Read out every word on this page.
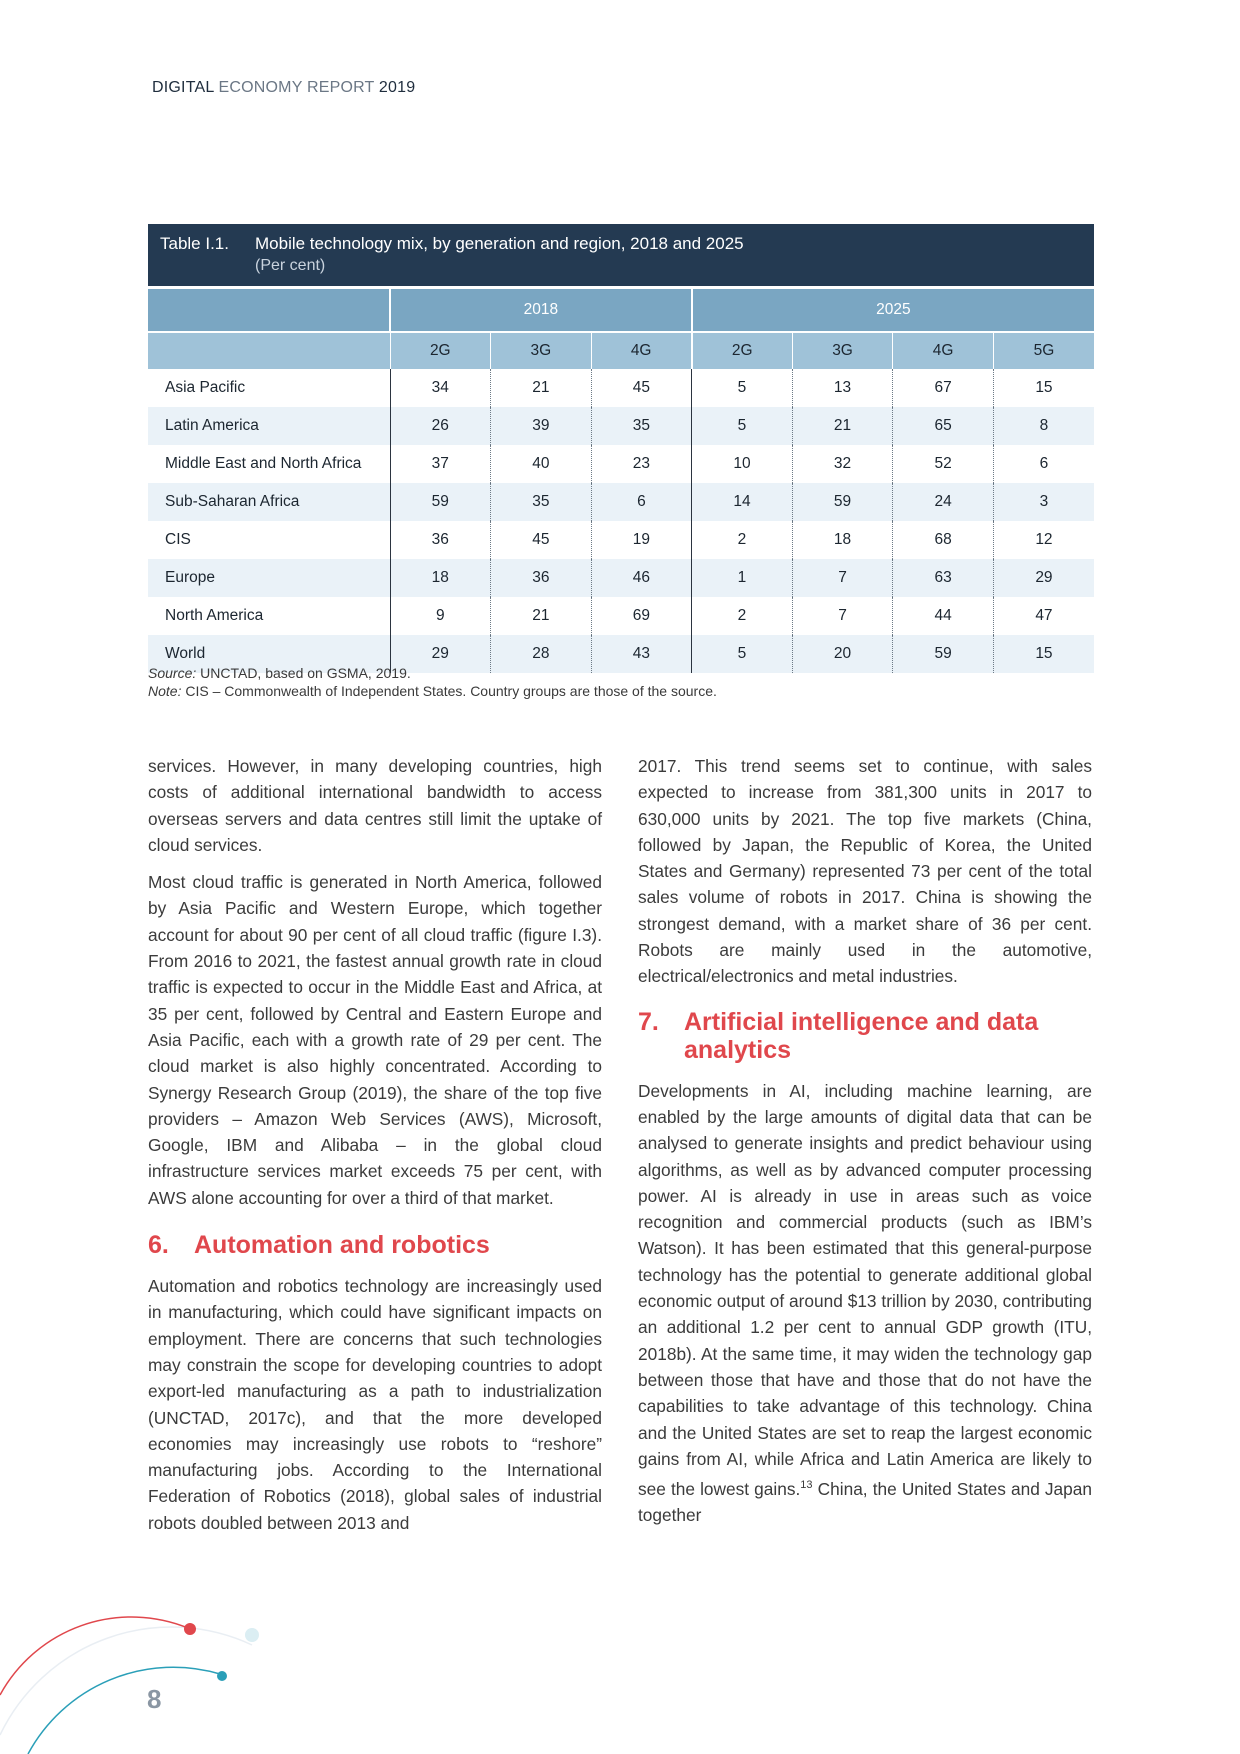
DIGITAL ECONOMY REPORT 2019
Table I.1. Mobile technology mix, by generation and region, 2018 and 2025
(Per cent)
	2018			2025			
	2G	3G	4G	2G	3G	4G	5G
Asia Pacific	34	21	45	5	13	67	15
Latin America	26	39	35	5	21	65	8
Middle East and North Africa	37	40	23	10	32	52	6
Sub-Saharan Africa	59	35	6	14	59	24	3
CIS	36	45	19	2	18	68	12
Europe	18	36	46	1	7	63	29
North America	9	21	69	2	7	44	47
World	29	28	43	5	20	59	15
Source: UNCTAD, based on GSMA, 2019.
Note: CIS – Commonwealth of Independent States. Country groups are those of the source.

services. However, in many developing countries, high costs of additional international bandwidth to access overseas servers and data centres still limit the uptake of cloud services.

Most cloud traffic is generated in North America, followed by Asia Pacific and Western Europe, which together account for about 90 per cent of all cloud traffic (figure I.3). From 2016 to 2021, the fastest annual growth rate in cloud traffic is expected to occur in the Middle East and Africa, at 35 per cent, followed by Central and Eastern Europe and Asia Pacific, each with a growth rate of 29 per cent. The cloud market is also highly concentrated. According to Synergy Research Group (2019), the share of the top five providers – Amazon Web Services (AWS), Microsoft, Google, IBM and Alibaba – in the global cloud infrastructure services market exceeds 75 per cent, with AWS alone accounting for over a third of that market.

6.	Automation and robotics

Automation and robotics technology are increasingly used in manufacturing, which could have significant impacts on employment. There are concerns that such technologies may constrain the scope for developing countries to adopt export-led manufacturing as a path to industrialization (UNCTAD, 2017c), and that the more developed economies may increasingly use robots to “reshore” manufacturing jobs. According to the International Federation of Robotics (2018), global sales of industrial robots doubled between 2013 and

2017. This trend seems set to continue, with sales expected to increase from 381,300 units in 2017 to 630,000 units by 2021. The top five markets (China, followed by Japan, the Republic of Korea, the United States and Germany) represented 73 per cent of the total sales volume of robots in 2017. China is showing the strongest demand, with a market share of 36 per cent. Robots are mainly used in the automotive, electrical/electronics and metal industries.

7.	Artificial intelligence and data analytics

Developments in AI, including machine learning, are enabled by the large amounts of digital data that can be analysed to generate insights and predict behaviour using algorithms, as well as by advanced computer processing power. AI is already in use in areas such as voice recognition and commercial products (such as IBM’s Watson). It has been estimated that this general-purpose technology has the potential to generate additional global economic output of around $13 trillion by 2030, contributing an additional 1.2 per cent to annual GDP growth (ITU, 2018b). At the same time, it may widen the technology gap between those that have and those that do not have the capabilities to take advantage of this technology. China and the United States are set to reap the largest economic gains from AI, while Africa and Latin America are likely to see the lowest gains.$^{13}$ China, the United States and Japan together

8
